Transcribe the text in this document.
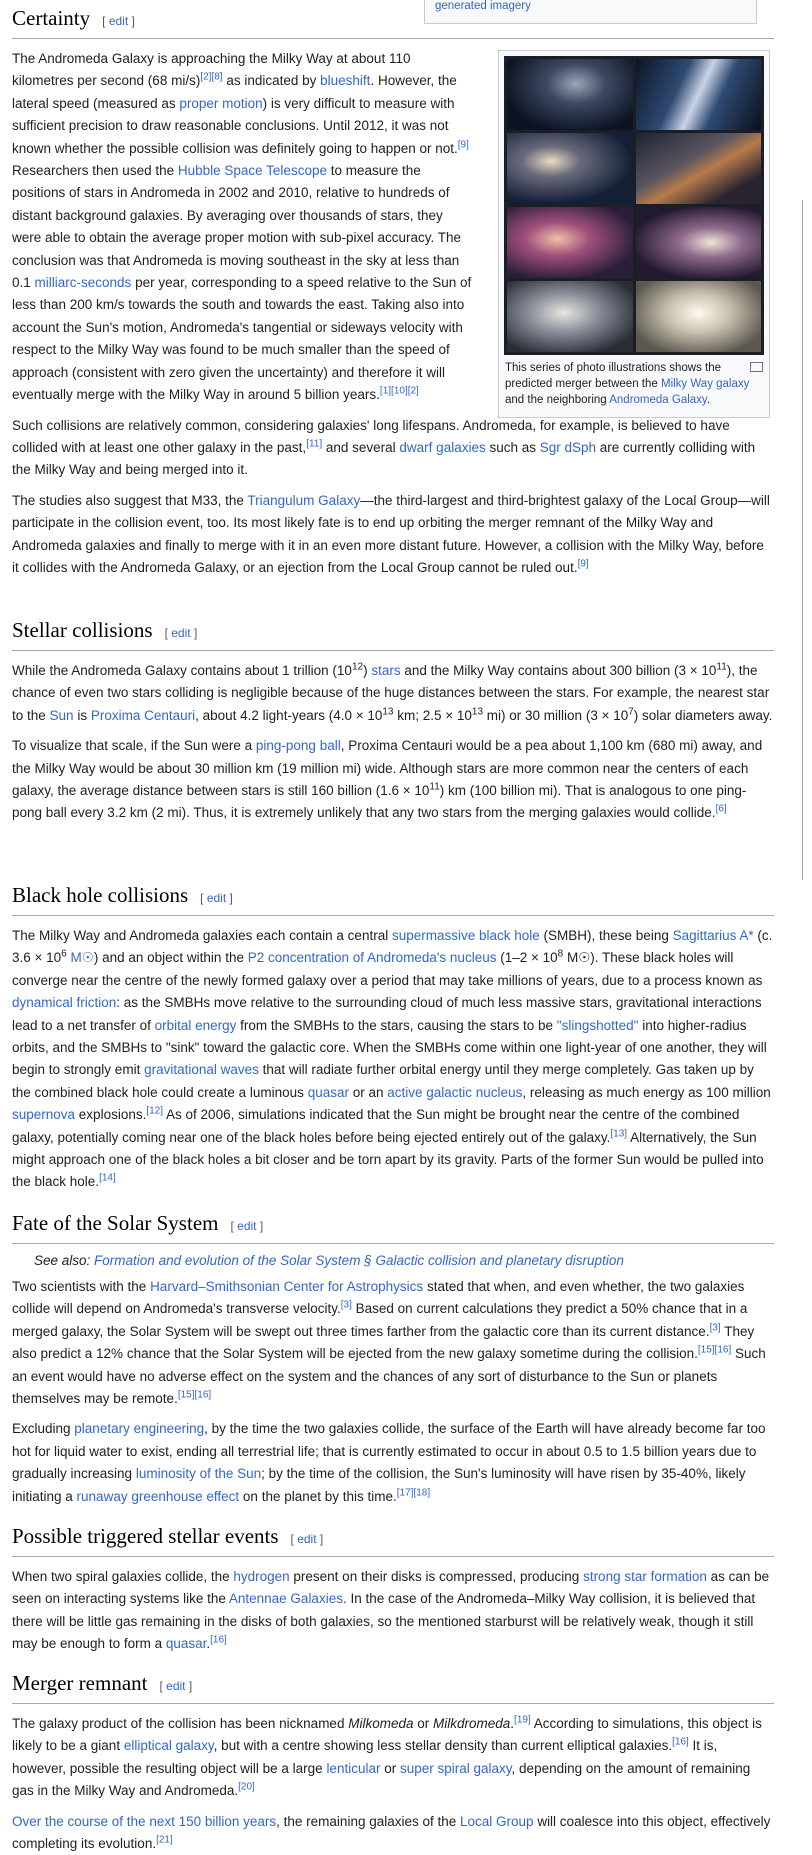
generated imagery
Certainty [ edit ]

The Andromeda Galaxy is approaching the Milky Way at about 110 kilometres per second (68 mi/s)[2][8] as indicated by blueshift. However, the lateral speed (measured as proper motion) is very difficult to measure with sufficient precision to draw reasonable conclusions. Until 2012, it was not known whether the possible collision was definitely going to happen or not.[9] Researchers then used the Hubble Space Telescope to measure the positions of stars in Andromeda in 2002 and 2010, relative to hundreds of distant background galaxies. By averaging over thousands of stars, they were able to obtain the average proper motion with sub-pixel accuracy. The conclusion was that Andromeda is moving southeast in the sky at less than 0.1 milliarc-seconds per year, corresponding to a speed relative to the Sun of less than 200 km/s towards the south and towards the east. Taking also into account the Sun's motion, Andromeda's tangential or sideways velocity with respect to the Milky Way was found to be much smaller than the speed of approach (consistent with zero given the uncertainty) and therefore it will eventually merge with the Milky Way in around 5 billion years.[1][10][2]

Such collisions are relatively common, considering galaxies' long lifespans. Andromeda, for example, is believed to have collided with at least one other galaxy in the past,[11] and several dwarf galaxies such as Sgr dSph are currently colliding with the Milky Way and being merged into it.

The studies also suggest that M33, the Triangulum Galaxy—the third-largest and third-brightest galaxy of the Local Group—will participate in the collision event, too. Its most likely fate is to end up orbiting the merger remnant of the Milky Way and Andromeda galaxies and finally to merge with it in an even more distant future. However, a collision with the Milky Way, before it collides with the Andromeda Galaxy, or an ejection from the Local Group cannot be ruled out.[9]

This series of photo illustrations shows the predicted merger between the Milky Way galaxy and the neighboring Andromeda Galaxy.
Stellar collisions [ edit ]

While the Andromeda Galaxy contains about 1 trillion $(10^{12})$ stars and the Milky Way contains about 300 billion $(3 \times 10^{11})$, the chance of even two stars colliding is negligible because of the huge distances between the stars. For example, the nearest star to the Sun is Proxima Centauri, about 4.2 light-years ($4.0 \times 10^{13}$ km; $2.5 \times 10^{13}$ mi) or 30 million $(3 \times 10^7)$ solar diameters away.

To visualize that scale, if the Sun were a ping-pong ball, Proxima Centauri would be a pea about 1,100 km (680 mi) away, and the Milky Way would be about 30 million km (19 million mi) wide. Although stars are more common near the centers of each galaxy, the average distance between stars is still 160 billion $(1.6 \times 10^{11})$ km (100 billion mi). That is analogous to one ping-pong ball every 3.2 km (2 mi). Thus, it is extremely unlikely that any two stars from the merging galaxies would collide.[6]

Black hole collisions [ edit ]

The Milky Way and Andromeda galaxies each contain a central supermassive black hole (SMBH), these being Sagittarius A* (c. $3.6 \times 10^6$ M☉) and an object within the P2 concentration of Andromeda's nucleus ($1-2 \times 10^8$ M☉). These black holes will converge near the centre of the newly formed galaxy over a period that may take millions of years, due to a process known as dynamical friction: as the SMBHs move relative to the surrounding cloud of much less massive stars, gravitational interactions lead to a net transfer of orbital energy from the SMBHs to the stars, causing the stars to be "slingshotted" into higher-radius orbits, and the SMBHs to "sink" toward the galactic core. When the SMBHs come within one light-year of one another, they will begin to strongly emit gravitational waves that will radiate further orbital energy until they merge completely. Gas taken up by the combined black hole could create a luminous quasar or an active galactic nucleus, releasing as much energy as 100 million supernova explosions.[12] As of 2006, simulations indicated that the Sun might be brought near the centre of the combined galaxy, potentially coming near one of the black holes before being ejected entirely out of the galaxy.[13] Alternatively, the Sun might approach one of the black holes a bit closer and be torn apart by its gravity. Parts of the former Sun would be pulled into the black hole.[14]

Fate of the Solar System [ edit ]
See also: Formation and evolution of the Solar System § Galactic collision and planetary disruption

Two scientists with the Harvard–Smithsonian Center for Astrophysics stated that when, and even whether, the two galaxies collide will depend on Andromeda's transverse velocity.[3] Based on current calculations they predict a 50% chance that in a merged galaxy, the Solar System will be swept out three times farther from the galactic core than its current distance.[3] They also predict a 12% chance that the Solar System will be ejected from the new galaxy sometime during the collision.[15][16] Such an event would have no adverse effect on the system and the chances of any sort of disturbance to the Sun or planets themselves may be remote.[15][16]

Excluding planetary engineering, by the time the two galaxies collide, the surface of the Earth will have already become far too hot for liquid water to exist, ending all terrestrial life; that is currently estimated to occur in about 0.5 to 1.5 billion years due to gradually increasing luminosity of the Sun; by the time of the collision, the Sun's luminosity will have risen by 35-40%, likely initiating a runaway greenhouse effect on the planet by this time.[17][18]

Possible triggered stellar events [ edit ]

When two spiral galaxies collide, the hydrogen present on their disks is compressed, producing strong star formation as can be seen on interacting systems like the Antennae Galaxies. In the case of the Andromeda–Milky Way collision, it is believed that there will be little gas remaining in the disks of both galaxies, so the mentioned starburst will be relatively weak, though it still may be enough to form a quasar.[16]

Merger remnant [ edit ]

The galaxy product of the collision has been nicknamed Milkomeda or Milkdromeda.[19] According to simulations, this object is likely to be a giant elliptical galaxy, but with a centre showing less stellar density than current elliptical galaxies.[16] It is, however, possible the resulting object will be a large lenticular or super spiral galaxy, depending on the amount of remaining gas in the Milky Way and Andromeda.[20]

Over the course of the next 150 billion years, the remaining galaxies of the Local Group will coalesce into this object, effectively completing its evolution.[21]
